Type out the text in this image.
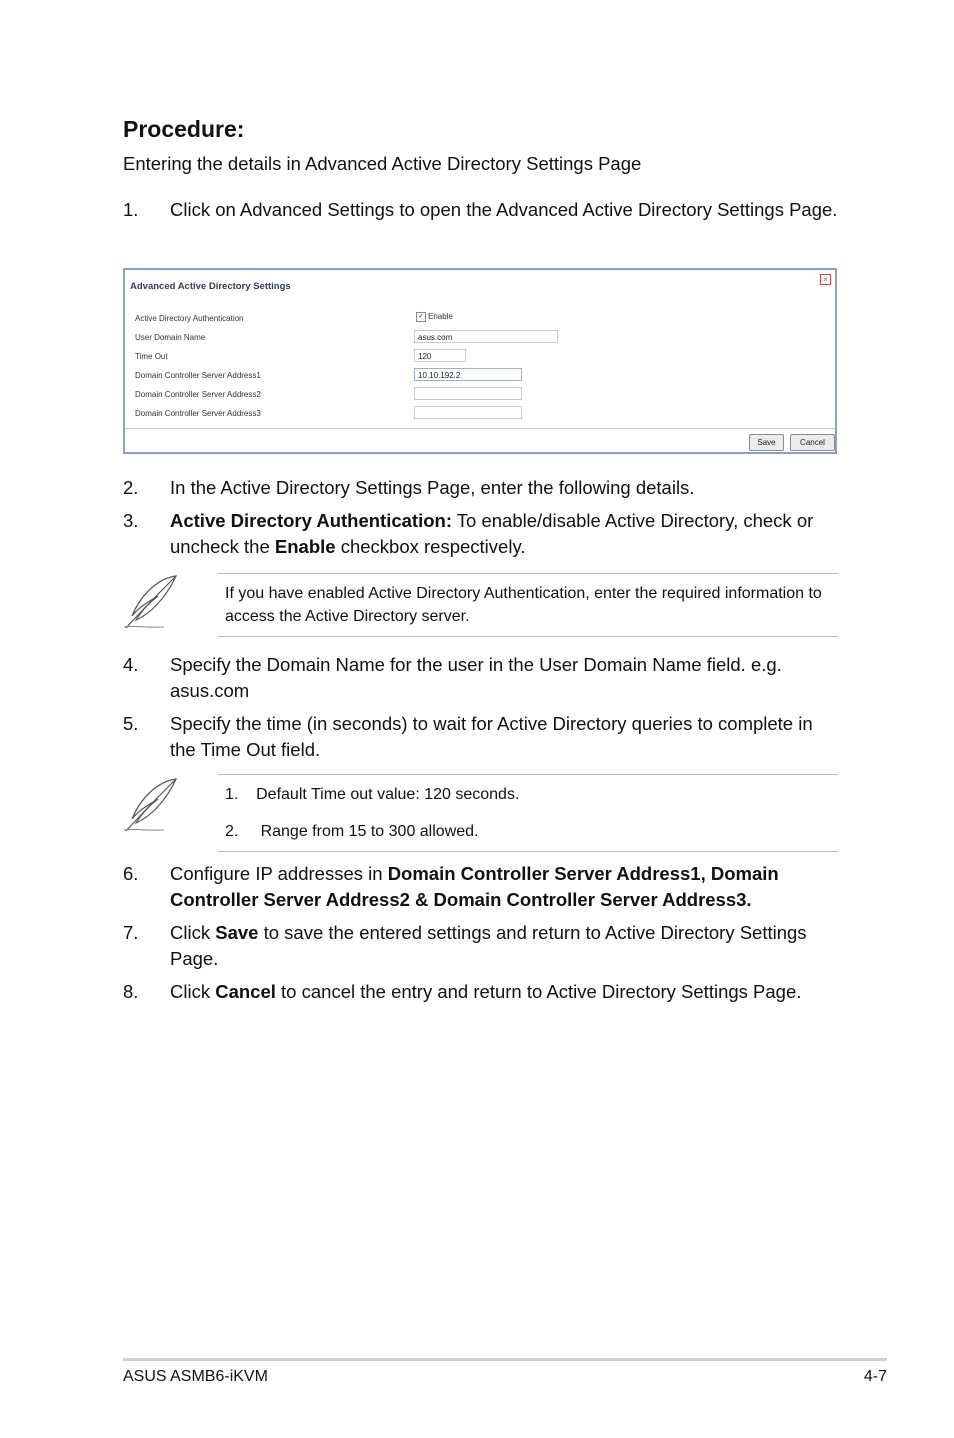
Procedure:
Entering the details in Advanced Active Directory Settings Page
1. Click on Advanced Settings to open the Advanced Active Directory Settings Page.
Advanced Active Directory Settings
×
Active Directory Authentication	✓ Enable
User Domain Name	asus.com
Time Out	120
Domain Controller Server Address1	10.10.192.2
Domain Controller Server Address2
Domain Controller Server Address3
Save	Cancel
2. In the Active Directory Settings Page, enter the following details.
3. Active Directory Authentication: To enable/disable Active Directory, check or uncheck the Enable checkbox respectively.
If you have enabled Active Directory Authentication, enter the required information to access the Active Directory server.
4. Specify the Domain Name for the user in the User Domain Name field. e.g. asus.com
5. Specify the time (in seconds) to wait for Active Directory queries to complete in the Time Out field.
1.    Default Time out value: 120 seconds.
2.     Range from 15 to 300 allowed.
6. Configure IP addresses in Domain Controller Server Address1, Domain Controller Server Address2 & Domain Controller Server Address3.
7. Click Save to save the entered settings and return to Active Directory Settings Page.
8. Click Cancel to cancel the entry and return to Active Directory Settings Page.
ASUS ASMB6-iKVM	4-7
